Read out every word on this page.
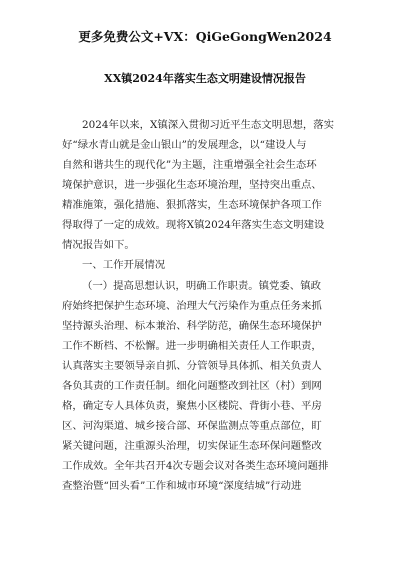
更多免费公文+VX：QiGeGongWen2024
XX镇2024年落实生态文明建设情况报告
2024年以来，X镇深入贯彻习近平生态文明思想，落实
好“绿水青山就是金山银山”的发展理念，以“建设人与
自然和谐共生的现代化”为主题，注重增强全社会生态环
境保护意识，进一步强化生态环境治理，坚持突出重点、
精准施策，强化措施、狠抓落实，生态环境保护各项工作
得取得了一定的成效。现将X镇2024年落实生态文明建设
情况报告如下。
一、工作开展情况
（一）提高思想认识，明确工作职责。镇党委、镇政
府始终把保护生态环境、治理大气污染作为重点任务来抓
坚持源头治理、标本兼治、科学防范，确保生态环境保护
工作不断档、不松懈。进一步明确相关责任人工作职责，
认真落实主要领导亲自抓、分管领导具体抓、相关负责人
各负其责的工作责任制。细化问题整改到社区（村）到网
格，确定专人具体负责，聚焦小区楼院、背街小巷、平房
区、河沟渠道、城乡接合部、环保监测点等重点部位，盯
紧关键问题，注重源头治理，切实保证生态环保问题整改
工作成效。全年共召开4次专题会议对各类生态环境问题排
查整治暨“回头看”工作和城市环境“深度结城”行动进
